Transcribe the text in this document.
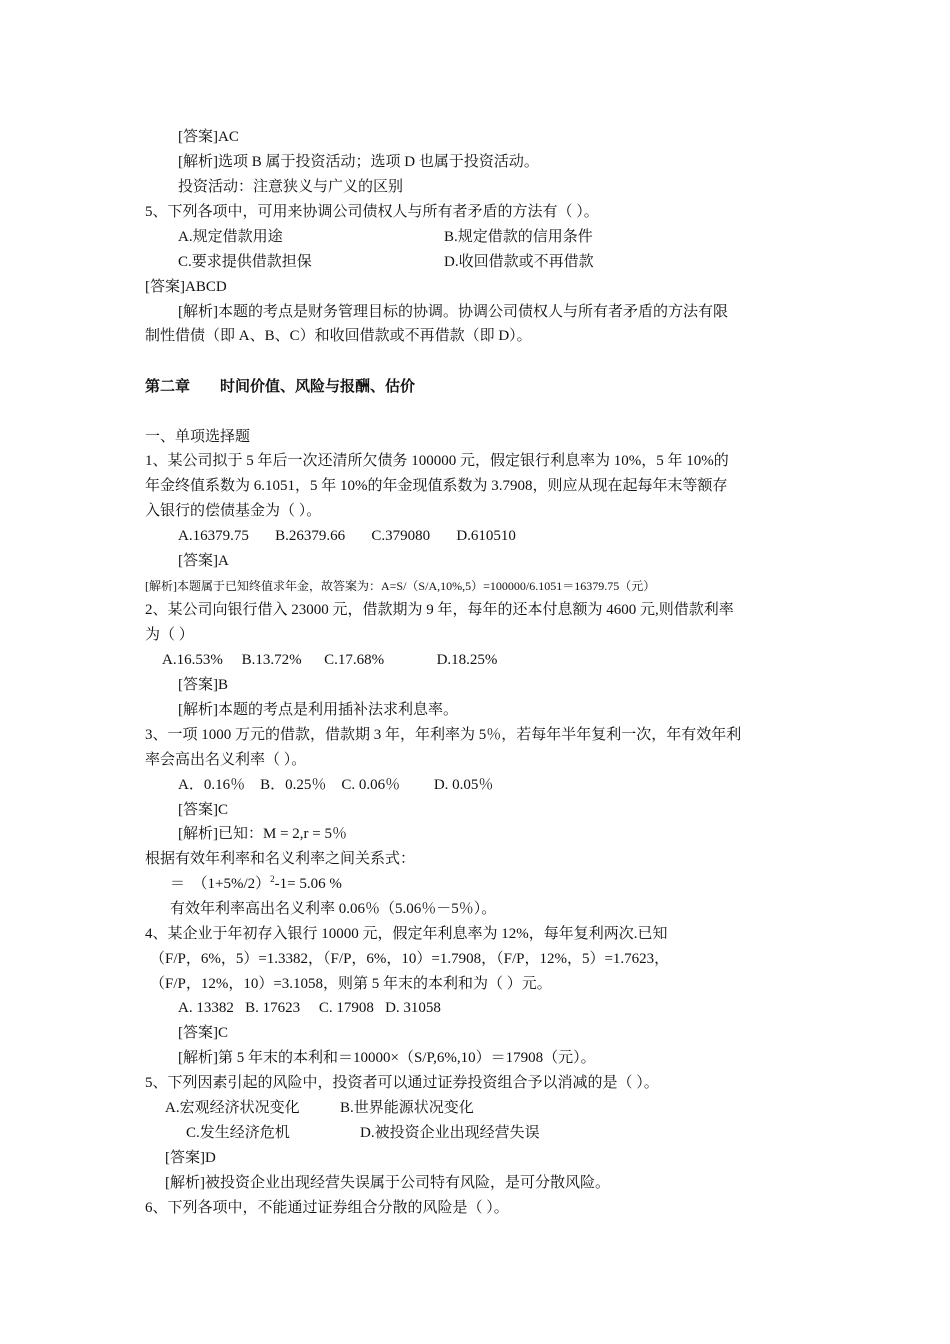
[答案]AC
[解析]选项 B 属于投资活动；选项 D 也属于投资活动。
投资活动：注意狭义与广义的区别
5、下列各项中，可用来协调公司债权人与所有者矛盾的方法有（ ）。
A.规定借款用途	B.规定借款的信用条件
C.要求提供借款担保	D.收回借款或不再借款
[答案]ABCD
[解析]本题的考点是财务管理目标的协调。协调公司债权人与所有者矛盾的方法有限
制性借债（即 A、B、C）和收回借款或不再借款（即 D）。
第二章 时间价值、风险与报酬、估价
一、单项选择题
1、某公司拟于 5 年后一次还清所欠债务 100000 元，假定银行利息率为 10%，5 年 10%的
年金终值系数为 6.1051，5 年 10%的年金现值系数为 3.7908，则应从现在起每年末等额存
入银行的偿债基金为（ ）。
A.16379.75       B.26379.66       C.379080       D.610510
[答案]A
[解析]本题属于已知终值求年金，故答案为：A=S/（S/A,10%,5）=100000/6.1051＝16379.75（元）
2、某公司向银行借入 23000 元，借款期为 9 年，每年的还本付息额为 4600 元,则借款利率
为（ ）
A.16.53%     B.13.72%      C.17.68%              D.18.25%
[答案]B
[解析]本题的考点是利用插补法求利息率。
3、一项 1000 万元的借款，借款期 3 年，年利率为 5％，若每年半年复利一次，年有效年利
率会高出名义利率（ ）。
A．0.16％    B．0.25％    C. 0.06％         D. 0.05％
[答案]C
[解析]已知：M = 2,r = 5％
根据有效年利率和名义利率之间关系式：
＝  $(1+5\%/2)^2-1= 5.06$ %
有效年利率高出名义利率 0.06％（5.06％－5％）。
4、某企业于年初存入银行 10000 元，假定年利息率为 12%，每年复利两次.已知
（F/P，6%，5）=1.3382，（F/P，6%，10）=1.7908，（F/P，12%，5）=1.7623，
（F/P，12%，10）=3.1058，则第 5 年末的本利和为（ ）元。
A. 13382   B. 17623     C. 17908   D. 31058
[答案]C
[解析]第 5 年末的本利和＝10000×（S/P,6%,10）＝17908（元）。
5、下列因素引起的风险中，投资者可以通过证券投资组合予以消减的是（ ）。
A.宏观经济状况变化	B.世界能源状况变化
C.发生经济危机	D.被投资企业出现经营失误
[答案]D
[解析]被投资企业出现经营失误属于公司特有风险，是可分散风险。
6、下列各项中，不能通过证券组合分散的风险是（ ）。
